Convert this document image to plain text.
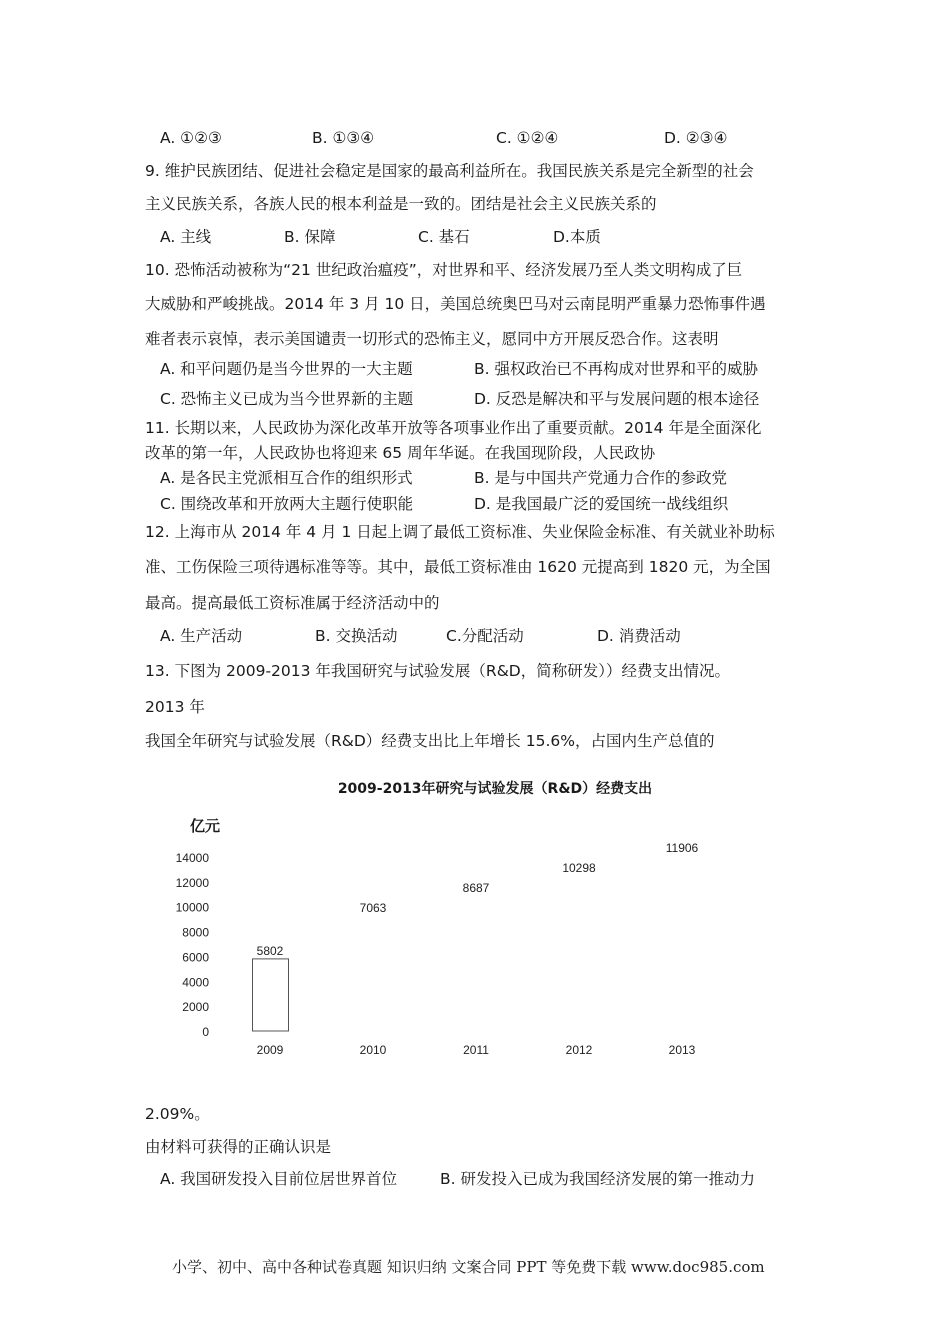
A. ①②③	B. ①③④	C. ①②④	D. ②③④
9. 维护民族团结、促进社会稳定是国家的最高利益所在。我国民族关系是完全新型的社会
主义民族关系，各族人民的根本利益是一致的。团结是社会主义民族关系的
A. 主线	B. 保障	C. 基石	D.本质
10. 恐怖活动被称为“21 世纪政治瘟疫”，对世界和平、经济发展乃至人类文明构成了巨
大威胁和严峻挑战。2014 年 3 月 10 日，美国总统奥巴马对云南昆明严重暴力恐怖事件遇
难者表示哀悼，表示美国谴责一切形式的恐怖主义，愿同中方开展反恐合作。这表明
A. 和平问题仍是当今世界的一大主题	B. 强权政治已不再构成对世界和平的威胁
C. 恐怖主义已成为当今世界新的主题	D. 反恐是解决和平与发展问题的根本途径
11. 长期以来，人民政协为深化改革开放等各项事业作出了重要贡献。2014 年是全面深化
改革的第一年，人民政协也将迎来 65 周年华诞。在我国现阶段，人民政协
A. 是各民主党派相互合作的组织形式	B. 是与中国共产党通力合作的参政党
C. 围绕改革和开放两大主题行使职能	D. 是我国最广泛的爱国统一战线组织
12. 上海市从 2014 年 4 月 1 日起上调了最低工资标准、失业保险金标准、有关就业补助标
准、工伤保险三项待遇标准等等。其中，最低工资标准由 1620 元提高到 1820 元，为全国
最高。提高最低工资标准属于经济活动中的
A. 生产活动	B. 交换活动	C.分配活动	D. 消费活动
13. 下图为 2009-2013 年我国研究与试验发展（R&D，简称研发））经费支出情况。
2013 年
我国全年研究与试验发展（R&D）经费支出比上年增长 15.6%，占国内生产总值的
2009-2013年研究与试验发展（R&D）经费支出
亿元
14000
12000
10000
8000
6000
4000
2000
0
5802
2009
7063
2010
8687
2011
10298
2012
11906
2013
2.09%。
由材料可获得的正确认识是
A. 我国研发投入目前位居世界首位	B. 研发投入已成为我国经济发展的第一推动力
小学、初中、高中各种试卷真题 知识归纳 文案合同 PPT 等免费下载 www.doc985.com
